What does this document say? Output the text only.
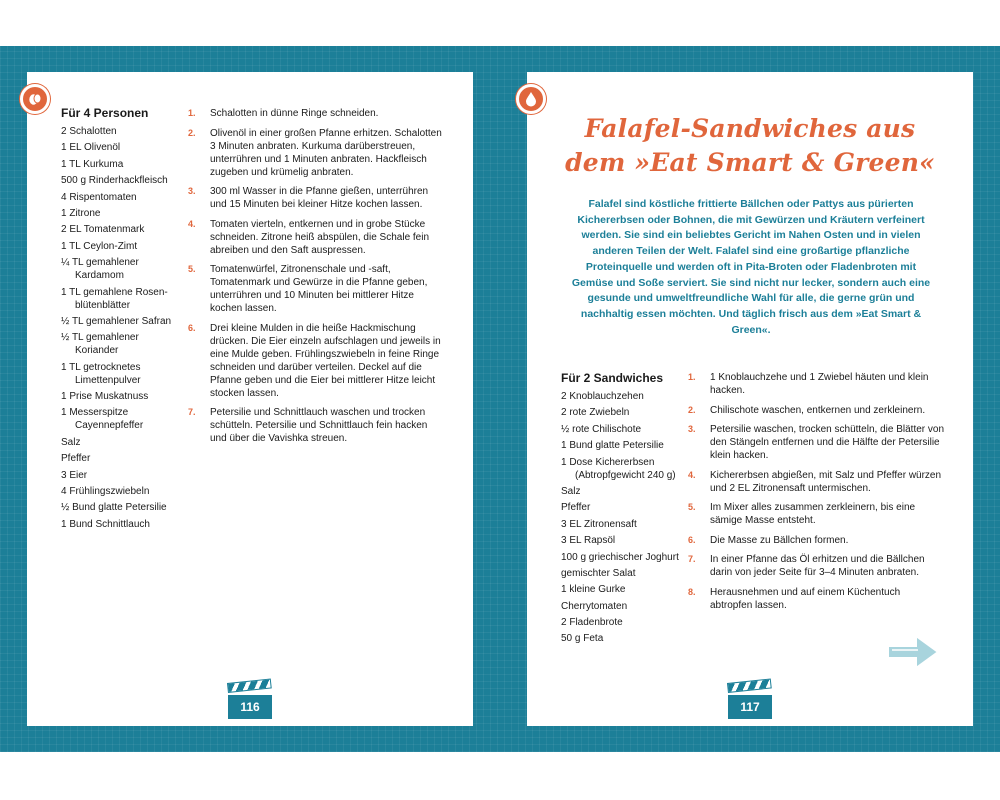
Für 4 Personen
2 Schalotten
1 EL Olivenöl
1 TL Kurkuma
500 g Rinderhackfleisch
4 Rispentomaten
1 Zitrone
2 EL Tomatenmark
1 TL Ceylon-Zimt
¼ TL gemahlener Kardamom
1 TL gemahlene Rosenblütenblätter
½ TL gemahlener Safran
½ TL gemahlener Koriander
1 TL getrocknetes Limettenpulver
1 Prise Muskatnuss
1 Messerspitze Cayennepfeffer
Salz
Pfeffer
3 Eier
4 Frühlingszwiebeln
½ Bund glatte Petersilie
1 Bund Schnittlauch
1. Schalotten in dünne Ringe schneiden.
2. Olivenöl in einer großen Pfanne erhitzen. Schalotten 3 Minuten anbraten. Kurkuma darüberstreuen, unterrühren und 1 Minuten anbraten. Hackfleisch zugeben und krümelig anbraten.
3. 300 ml Wasser in die Pfanne gießen, unterrühren und 15 Minuten bei kleiner Hitze kochen lassen.
4. Tomaten vierteln, entkernen und in grobe Stücke schneiden. Zitrone heiß abspülen, die Schale fein abreiben und den Saft auspressen.
5. Tomatenwürfel, Zitronenschale und -saft, Tomatenmark und Gewürze in die Pfanne geben, unterrühren und 10 Minuten bei mittlerer Hitze kochen lassen.
6. Drei kleine Mulden in die heiße Hackmischung drücken. Die Eier einzeln aufschlagen und jeweils in eine Mulde geben. Frühlingszwiebeln in feine Ringe schneiden und darüber verteilen. Deckel auf die Pfanne geben und die Eier bei mittlerer Hitze leicht stocken lassen.
7. Petersilie und Schnittlauch waschen und trocken schütteln. Petersilie und Schnittlauch fein hacken und über die Vavishka streuen.
116
Falafel-Sandwiches aus
dem »Eat Smart & Green«
Falafel sind köstliche frittierte Bällchen oder Pattys aus pürierten Kichererbsen oder Bohnen, die mit Gewürzen und Kräutern verfeinert werden. Sie sind ein beliebtes Gericht im Nahen Osten und in vielen anderen Teilen der Welt. Falafel sind eine großartige pflanzliche Proteinquelle und werden oft in Pita-Broten oder Fladenbroten mit Gemüse und Soße serviert. Sie sind nicht nur lecker, sondern auch eine gesunde und umweltfreundliche Wahl für alle, die gerne grün und nachhaltig essen möchten. Und täglich frisch aus dem »Eat Smart & Green«.
Für 2 Sandwiches
2 Knoblauchzehen
2 rote Zwiebeln
½ rote Chilischote
1 Bund glatte Petersilie
1 Dose Kichererbsen (Abtropfgewicht 240 g)
Salz
Pfeffer
3 EL Zitronensaft
3 EL Rapsöl
100 g griechischer Joghurt
gemischter Salat
1 kleine Gurke
Cherrytomaten
2 Fladenbrote
50 g Feta
1. 1 Knoblauchzehe und 1 Zwiebel häuten und klein hacken.
2. Chilischote waschen, entkernen und zerkleinern.
3. Petersilie waschen, trocken schütteln, die Blätter von den Stängeln entfernen und die Hälfte der Petersilie klein hacken.
4. Kichererbsen abgießen, mit Salz und Pfeffer würzen und 2 EL Zitronensaft untermischen.
5. Im Mixer alles zusammen zerkleinern, bis eine sämige Masse entsteht.
6. Die Masse zu Bällchen formen.
7. In einer Pfanne das Öl erhitzen und die Bällchen darin von jeder Seite für 3–4 Minuten anbraten.
8. Herausnehmen und auf einem Küchentuch abtropfen lassen.
117
